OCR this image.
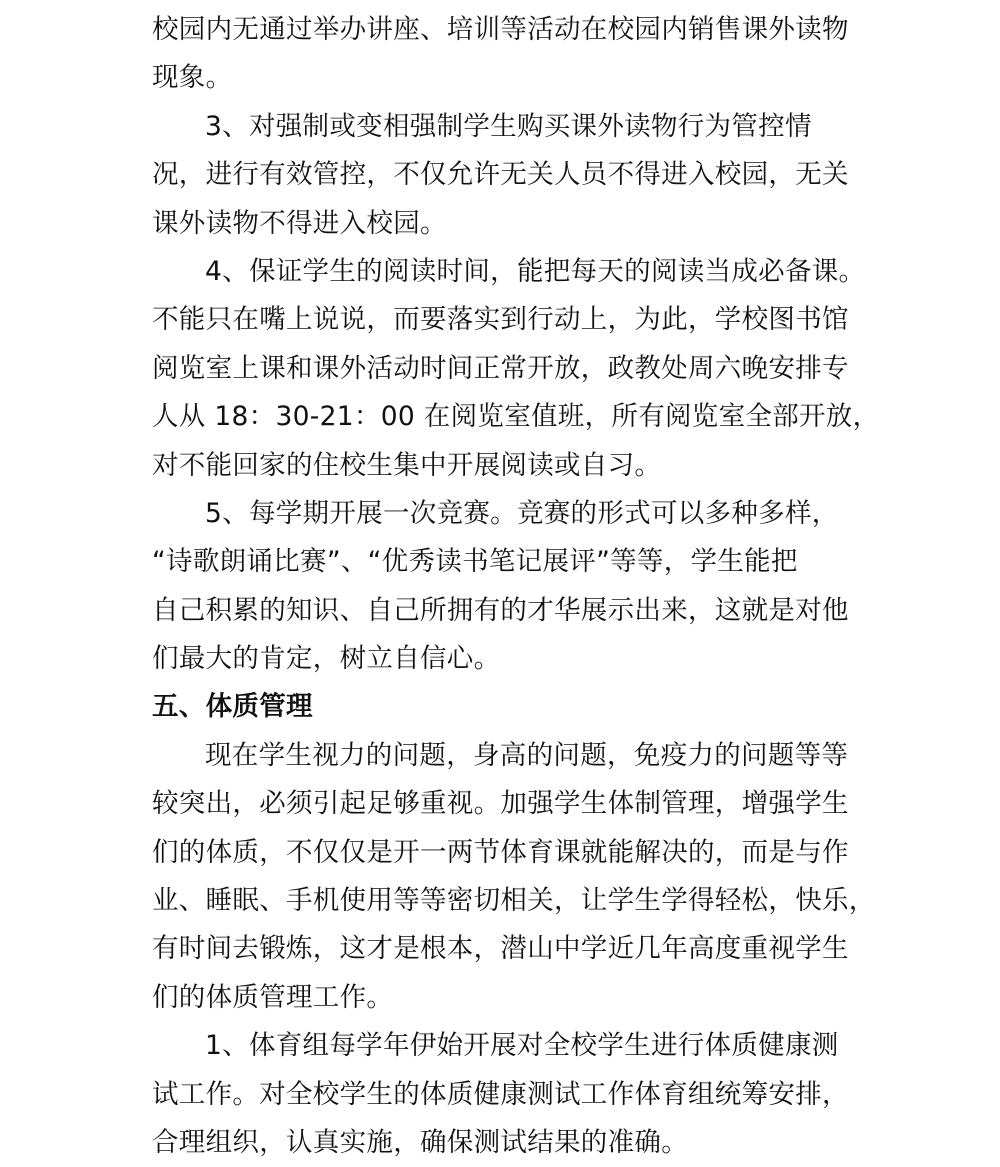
校园内无通过举办讲座、培训等活动在校园内销售课外读物
现象。
3、对强制或变相强制学生购买课外读物行为管控情
况，进行有效管控，不仅允许无关人员不得进入校园，无关
课外读物不得进入校园。
4、保证学生的阅读时间，能把每天的阅读当成必备课。
不能只在嘴上说说，而要落实到行动上，为此，学校图书馆
阅览室上课和课外活动时间正常开放，政教处周六晚安排专
人从 18：30-21：00 在阅览室值班，所有阅览室全部开放，
对不能回家的住校生集中开展阅读或自习。
5、每学期开展一次竞赛。竞赛的形式可以多种多样，
“诗歌朗诵比赛”、“优秀读书笔记展评”等等，学生能把
自己积累的知识、自己所拥有的才华展示出来，这就是对他
们最大的肯定，树立自信心。
五、体质管理
现在学生视力的问题，身高的问题，免疫力的问题等等
较突出，必须引起足够重视。加强学生体制管理，增强学生
们的体质，不仅仅是开一两节体育课就能解决的，而是与作
业、睡眠、手机使用等等密切相关，让学生学得轻松，快乐，
有时间去锻炼，这才是根本，潜山中学近几年高度重视学生
们的体质管理工作。
1、体育组每学年伊始开展对全校学生进行体质健康测
试工作。对全校学生的体质健康测试工作体育组统筹安排，
合理组织，认真实施，确保测试结果的准确。
